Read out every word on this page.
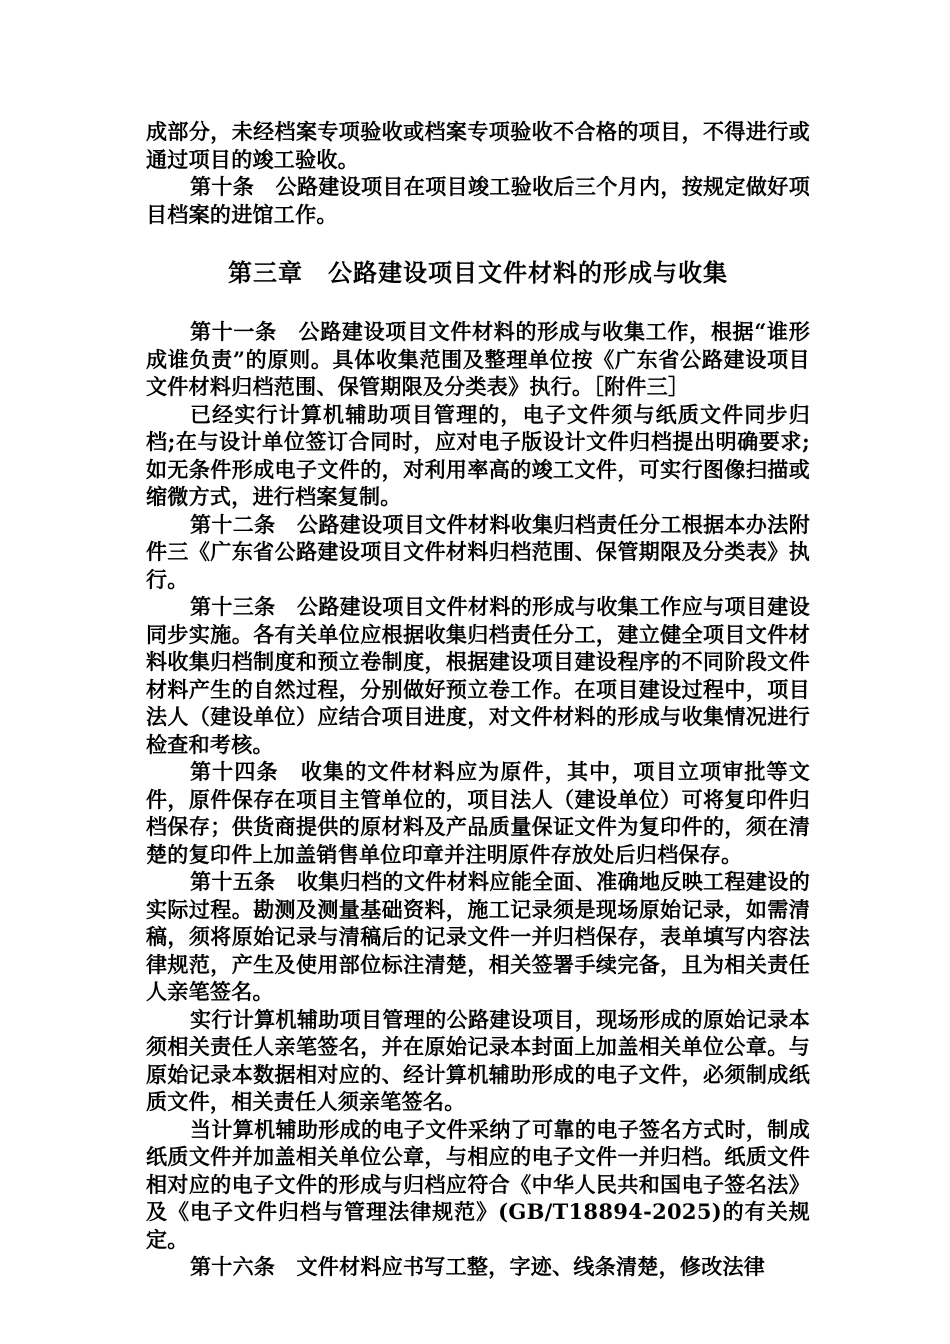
成部分，未经档案专项验收或档案专项验收不合格的项目，不得进行或通过项目的竣工验收。

第十条　公路建设项目在项目竣工验收后三个月内，按规定做好项目档案的进馆工作。

第三章　公路建设项目文件材料的形成与收集

第十一条　公路建设项目文件材料的形成与收集工作，根据“谁形成谁负责”的原则。具体收集范围及整理单位按《广东省公路建设项目文件材料归档范围、保管期限及分类表》执行。［附件三］

已经实行计算机辅助项目管理的，电子文件须与纸质文件同步归档;在与设计单位签订合同时，应对电子版设计文件归档提出明确要求;如无条件形成电子文件的，对利用率高的竣工文件，可实行图像扫描或缩微方式，进行档案复制。

第十二条　公路建设项目文件材料收集归档责任分工根据本办法附件三《广东省公路建设项目文件材料归档范围、保管期限及分类表》执行。

第十三条　公路建设项目文件材料的形成与收集工作应与项目建设同步实施。各有关单位应根据收集归档责任分工，建立健全项目文件材料收集归档制度和预立卷制度，根据建设项目建设程序的不同阶段文件材料产生的自然过程，分别做好预立卷工作。在项目建设过程中，项目法人（建设单位）应结合项目进度，对文件材料的形成与收集情况进行检查和考核。

第十四条　收集的文件材料应为原件，其中，项目立项审批等文件，原件保存在项目主管单位的，项目法人（建设单位）可将复印件归档保存；供货商提供的原材料及产品质量保证文件为复印件的，须在清楚的复印件上加盖销售单位印章并注明原件存放处后归档保存。

第十五条　收集归档的文件材料应能全面、准确地反映工程建设的实际过程。勘测及测量基础资料，施工记录须是现场原始记录，如需清稿，须将原始记录与清稿后的记录文件一并归档保存，表单填写内容法律规范，产生及使用部位标注清楚，相关签署手续完备，且为相关责任人亲笔签名。

实行计算机辅助项目管理的公路建设项目，现场形成的原始记录本须相关责任人亲笔签名，并在原始记录本封面上加盖相关单位公章。与原始记录本数据相对应的、经计算机辅助形成的电子文件，必须制成纸质文件，相关责任人须亲笔签名。

当计算机辅助形成的电子文件采纳了可靠的电子签名方式时，制成纸质文件并加盖相关单位公章，与相应的电子文件一并归档。纸质文件相对应的电子文件的形成与归档应符合《中华人民共和国电子签名法》及《电子文件归档与管理法律规范》(GB/T18894-2025)的有关规定。

第十六条　文件材料应书写工整，字迹、线条清楚，修改法律
